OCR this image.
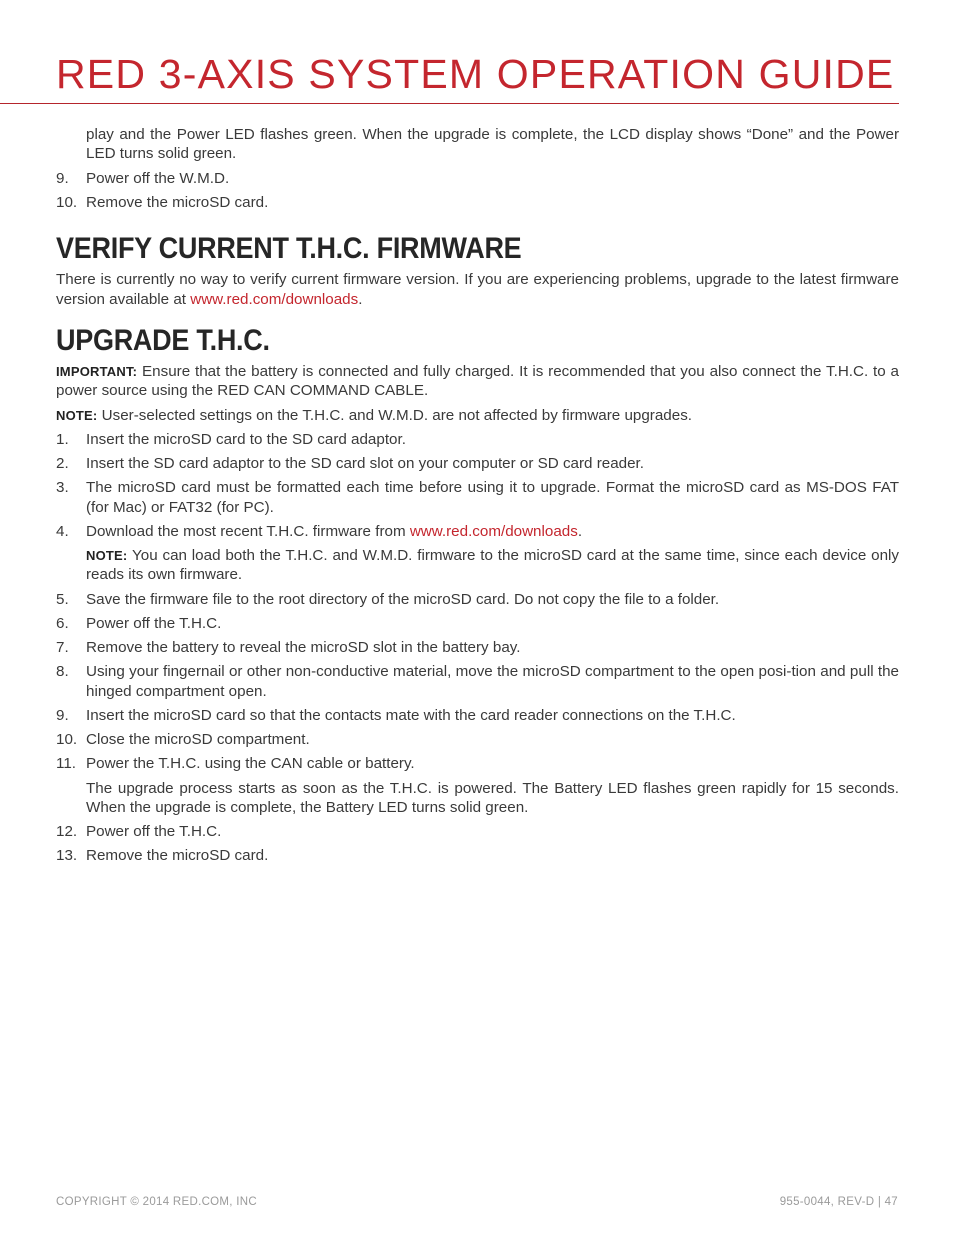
RED 3-AXIS SYSTEM OPERATION GUIDE
play and the Power LED flashes green. When the upgrade is complete, the LCD display shows “Done” and the Power LED turns solid green.
9. Power off the W.M.D.
10. Remove the microSD card.
VERIFY CURRENT T.H.C. FIRMWARE
There is currently no way to verify current firmware version. If you are experiencing problems, upgrade to the latest firmware version available at www.red.com/downloads.
UPGRADE T.H.C.
IMPORTANT: Ensure that the battery is connected and fully charged. It is recommended that you also connect the T.H.C. to a power source using the RED CAN COMMAND CABLE.
NOTE: User-selected settings on the T.H.C. and W.M.D. are not affected by firmware upgrades.
1. Insert the microSD card to the SD card adaptor.
2. Insert the SD card adaptor to the SD card slot on your computer or SD card reader.
3. The microSD card must be formatted each time before using it to upgrade. Format the microSD card as MS-DOS FAT (for Mac) or FAT32 (for PC).
4. Download the most recent T.H.C. firmware from www.red.com/downloads.
NOTE: You can load both the T.H.C. and W.M.D. firmware to the microSD card at the same time, since each device only reads its own firmware.
5. Save the firmware file to the root directory of the microSD card. Do not copy the file to a folder.
6. Power off the T.H.C.
7. Remove the battery to reveal the microSD slot in the battery bay.
8. Using your fingernail or other non-conductive material, move the microSD compartment to the open posi-tion and pull the hinged compartment open.
9. Insert the microSD card so that the contacts mate with the card reader connections on the T.H.C.
10. Close the microSD compartment.
11. Power the T.H.C. using the CAN cable or battery.
The upgrade process starts as soon as the T.H.C. is powered. The Battery LED flashes green rapidly for 15 seconds. When the upgrade is complete, the Battery LED turns solid green.
12. Power off the T.H.C.
13. Remove the microSD card.
COPYRIGHT © 2014 RED.COM, INC	955-0044, REV-D | 47
